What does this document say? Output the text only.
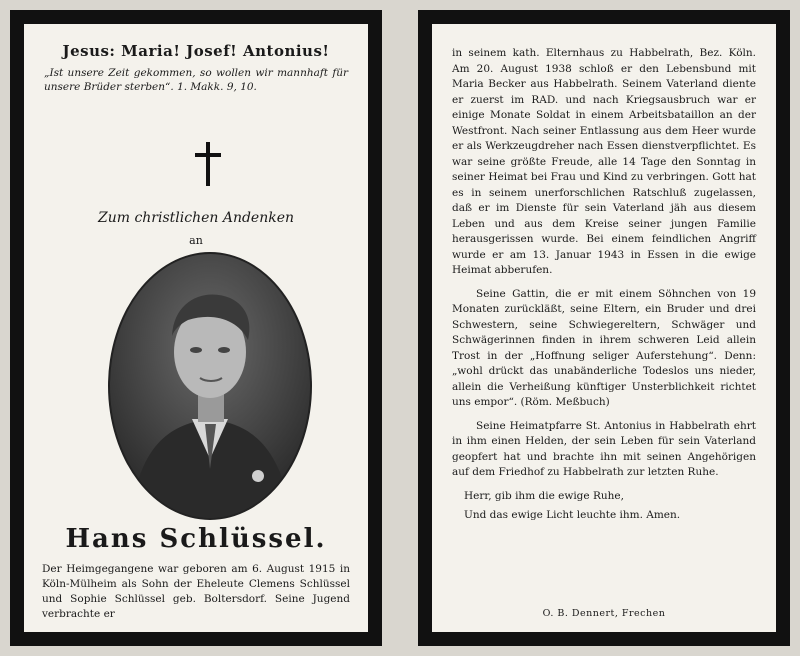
Jesus: Maria! Josef! Antonius!
„Ist unsere Zeit gekommen, so wollen wir mannhaft für unsere Brüder sterben“. 1. Makk. 9, 10.
Zum christlichen Andenken
an
Hans Schlüssel.
Der Heimgegangene war geboren am 6. August 1915 in Köln-Mülheim als Sohn der Eheleute Clemens Schlüssel und Sophie Schlüssel geb. Boltersdorf. Seine Jugend verbrachte er

in seinem kath. Elternhaus zu Habbelrath, Bez. Köln. Am 20. August 1938 schloß er den Lebensbund mit Maria Becker aus Habbelrath. Seinem Vaterland diente er zuerst im RAD. und nach Kriegsausbruch war er einige Monate Soldat in einem Arbeitsbataillon an der Westfront. Nach seiner Entlassung aus dem Heer wurde er als Werkzeugdreher nach Essen dienstverpflichtet. Es war seine größte Freude, alle 14 Tage den Sonntag in seiner Heimat bei Frau und Kind zu verbringen. Gott hat es in seinem unerforschlichen Ratschluß zugelassen, daß er im Dienste für sein Vaterland jäh aus diesem Leben und aus dem Kreise seiner jungen Familie herausgerissen wurde. Bei einem feindlichen Angriff wurde er am 13. Januar 1943 in Essen in die ewige Heimat abberufen.

Seine Gattin, die er mit einem Söhnchen von 19 Monaten zurückläßt, seine Eltern, ein Bruder und drei Schwestern, seine Schwiegereltern, Schwäger und Schwägerinnen finden in ihrem schweren Leid allein Trost in der „Hoffnung seliger Auferstehung“. Denn: „wohl drückt das unabänderliche Todeslos uns nieder, allein die Verheißung künftiger Unsterblichkeit richtet uns empor“. (Röm. Meßbuch)

Seine Heimatpfarre St. Antonius in Habbelrath ehrt in ihm einen Helden, der sein Leben für sein Vaterland geopfert hat und brachte ihn mit seinen Angehörigen auf dem Friedhof zu Habbelrath zur letzten Ruhe.

Herr, gib ihm die ewige Ruhe,
Und das ewige Licht leuchte ihm. Amen.
O. B. Dennert, Frechen
